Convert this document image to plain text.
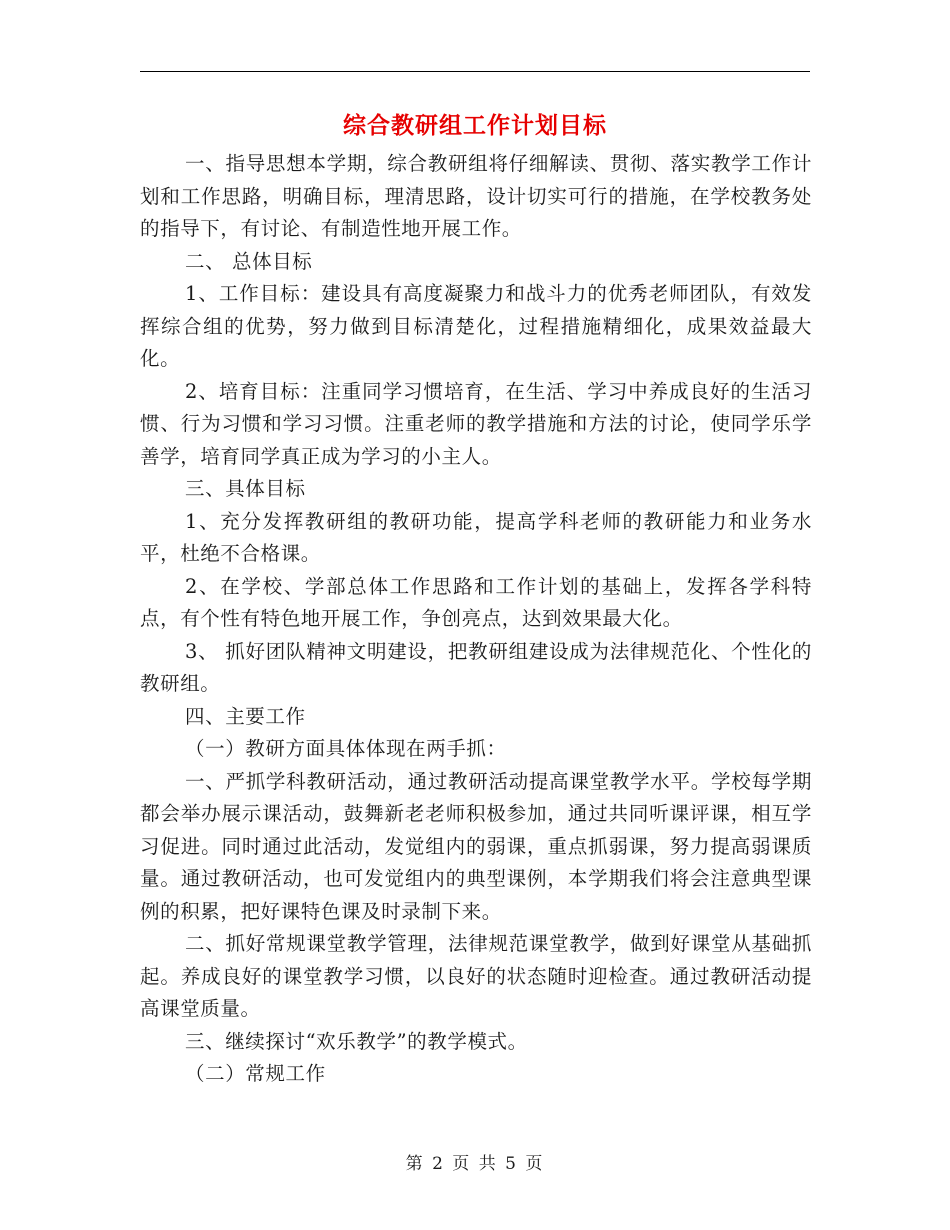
综合教研组工作计划目标

一、指导思想本学期，综合教研组将仔细解读、贯彻、落实教学工作计划和工作思路，明确目标，理清思路，设计切实可行的措施，在学校教务处的指导下，有讨论、有制造性地开展工作。

二、 总体目标

1、工作目标：建设具有高度凝聚力和战斗力的优秀老师团队，有效发挥综合组的优势，努力做到目标清楚化，过程措施精细化，成果效益最大化。

2、培育目标：注重同学习惯培育，在生活、学习中养成良好的生活习惯、行为习惯和学习习惯。注重老师的教学措施和方法的讨论，使同学乐学善学，培育同学真正成为学习的小主人。

三、具体目标

1、充分发挥教研组的教研功能，提高学科老师的教研能力和业务水平，杜绝不合格课。

2、在学校、学部总体工作思路和工作计划的基础上，发挥各学科特点，有个性有特色地开展工作，争创亮点，达到效果最大化。

3、 抓好团队精神文明建设，把教研组建设成为法律规范化、个性化的教研组。

四、主要工作

（一）教研方面具体体现在两手抓：

一、严抓学科教研活动，通过教研活动提高课堂教学水平。学校每学期都会举办展示课活动，鼓舞新老老师积极参加，通过共同听课评课，相互学习促进。同时通过此活动，发觉组内的弱课，重点抓弱课，努力提高弱课质量。通过教研活动，也可发觉组内的典型课例，本学期我们将会注意典型课例的积累，把好课特色课及时录制下来。

二、抓好常规课堂教学管理，法律规范课堂教学，做到好课堂从基础抓起。养成良好的课堂教学习惯，以良好的状态随时迎检查。通过教研活动提高课堂质量。

三、继续探讨“欢乐教学”的教学模式。

（二）常规工作

第 2 页 共 5 页
